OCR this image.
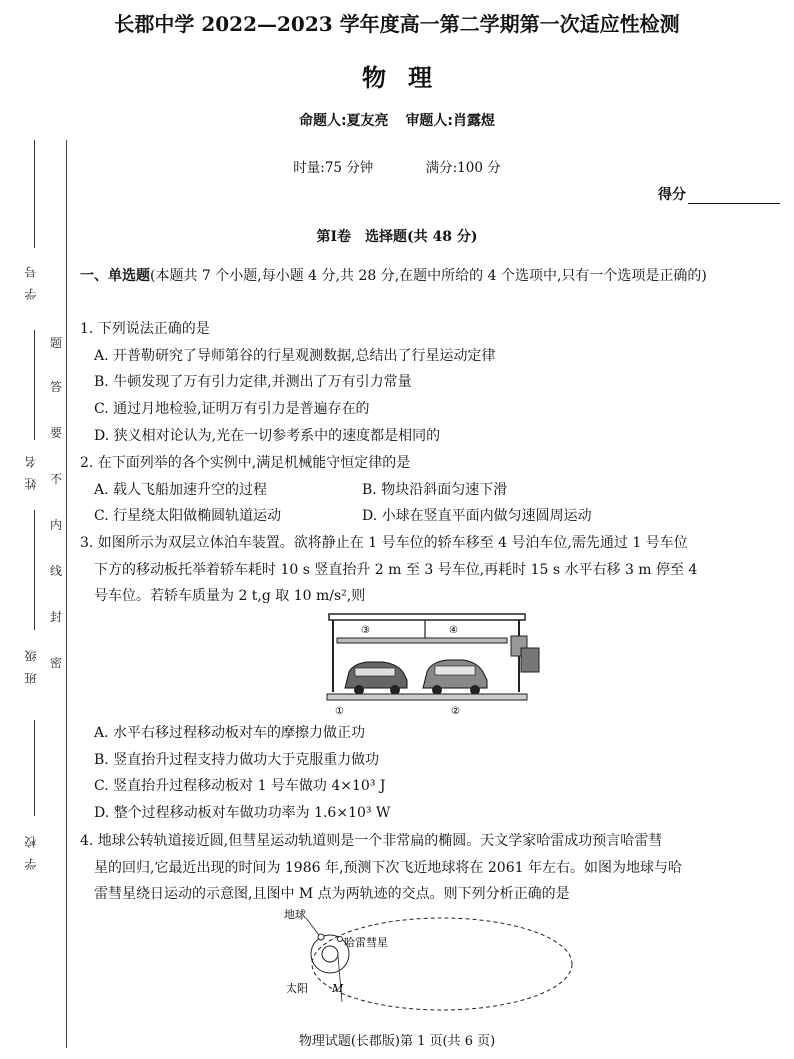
长郡中学 2022—2023 学年度高一第二学期第一次适应性检测
物理
命题人:夏友亮 审题人:肖露煜
时量:75 分钟	满分:100 分
得分
第Ⅰ卷　选择题(共 48 分)
学号
姓名
班级
学校
题
答
要
不
内
线
封
密

一、单选题(本题共 7 个小题,每小题 4 分,共 28 分,在题中所给的 4 个选项中,只有一个选项是正确的)

1. 下列说法正确的是

A. 开普勒研究了导师第谷的行星观测数据,总结出了行星运动定律

B. 牛顿发现了万有引力定律,并测出了万有引力常量

C. 通过月地检验,证明万有引力是普遍存在的

D. 狭义相对论认为,光在一切参考系中的速度都是相同的

2. 在下面列举的各个实例中,满足机械能守恒定律的是

A. 载人飞船加速升空的过程	B. 物块沿斜面匀速下滑
C. 行星绕太阳做椭圆轨道运动	D. 小球在竖直平面内做匀速圆周运动

3. 如图所示为双层立体泊车装置。欲将静止在 1 号车位的轿车移至 4 号泊车位,需先通过 1 号车位

下方的移动板托举着轿车耗时 10 s 竖直抬升 2 m 至 3 号车位,再耗时 15 s 水平右移 3 m 停至 4

号车位。若轿车质量为 2 t,g 取 10 m/s²,则

③	④
①	②

A. 水平右移过程移动板对车的摩擦力做正功

B. 竖直抬升过程支持力做功大于克服重力做功

C. 竖直抬升过程移动板对 1 号车做功 4×10³ J

D. 整个过程移动板对车做功功率为 1.6×10³ W

4. 地球公转轨道接近圆,但彗星运动轨道则是一个非常扁的椭圆。天文学家哈雷成功预言哈雷彗

星的回归,它最近出现的时间为 1986 年,预测下次飞近地球将在 2061 年左右。如图为地球与哈

雷彗星绕日运动的示意图,且图中 M 点为两轨迹的交点。则下列分析正确的是

地球
哈雷彗星
太阳 M
物理试题(长郡版)第 1 页(共 6 页)
